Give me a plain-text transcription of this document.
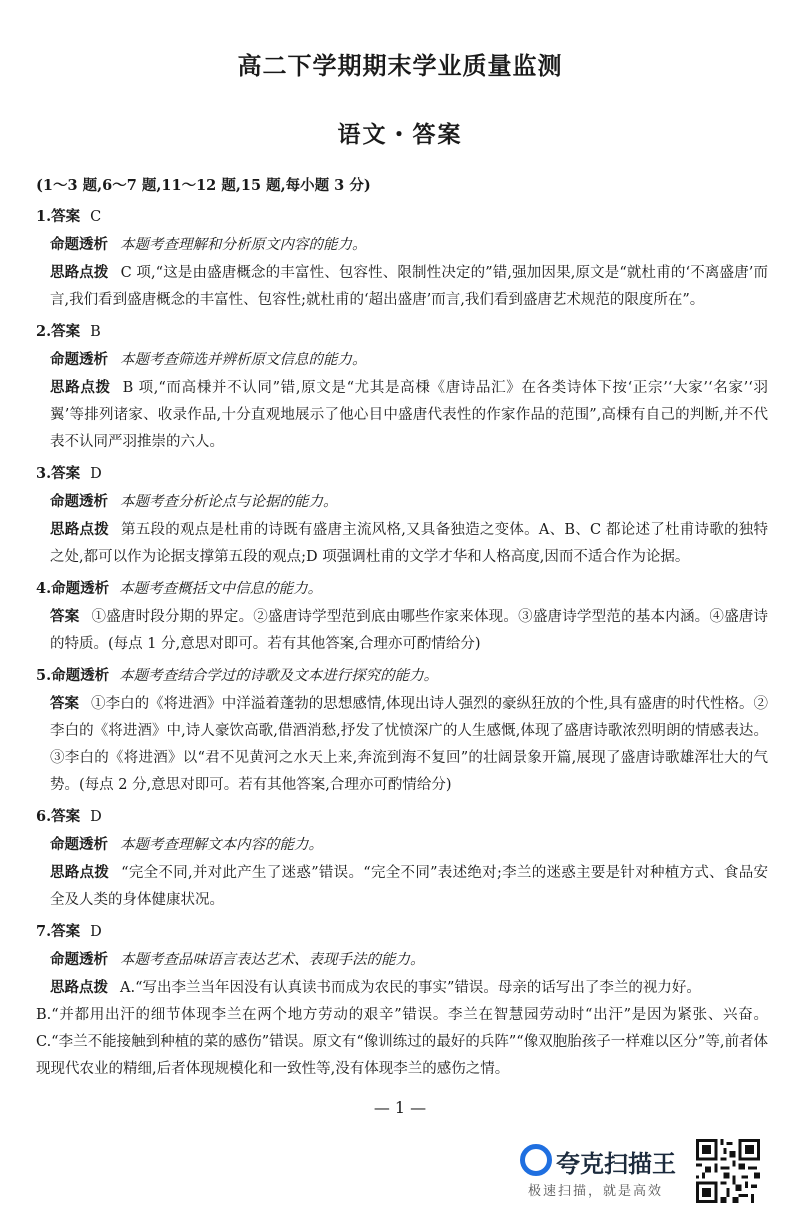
高二下学期期末学业质量监测
语文・答案
(1～3 题,6～7 题,11～12 题,15 题,每小题 3 分)
1.答案 C
命题透析 本题考查理解和分析原文内容的能力。
思路点拨 C 项,“这是由盛唐概念的丰富性、包容性、限制性决定的”错,强加因果,原文是“就杜甫的‘不离盛唐’而言,我们看到盛唐概念的丰富性、包容性;就杜甫的‘超出盛唐’而言,我们看到盛唐艺术规范的限度所在”。
2.答案 B
命题透析 本题考查筛选并辨析原文信息的能力。
思路点拨 B 项,“而高棅并不认同”错,原文是“尤其是高棅《唐诗品汇》在各类诗体下按‘正宗’‘大家’‘名家’‘羽翼’等排列诸家、收录作品,十分直观地展示了他心目中盛唐代表性的作家作品的范围”,高棅有自己的判断,并不代表不认同严羽推崇的六人。
3.答案 D
命题透析 本题考查分析论点与论据的能力。
思路点拨 第五段的观点是杜甫的诗既有盛唐主流风格,又具备独造之变体。A、B、C 都论述了杜甫诗歌的独特之处,都可以作为论据支撑第五段的观点;D 项强调杜甫的文学才华和人格高度,因而不适合作为论据。
4.命题透析 本题考查概括文中信息的能力。
答案 ①盛唐时段分期的界定。②盛唐诗学型范到底由哪些作家来体现。③盛唐诗学型范的基本内涵。④盛唐诗的特质。(每点 1 分,意思对即可。若有其他答案,合理亦可酌情给分)
5.命题透析 本题考查结合学过的诗歌及文本进行探究的能力。
答案 ①李白的《将进酒》中洋溢着蓬勃的思想感情,体现出诗人强烈的豪纵狂放的个性,具有盛唐的时代性格。②李白的《将进酒》中,诗人豪饮高歌,借酒消愁,抒发了忧愤深广的人生感慨,体现了盛唐诗歌浓烈明朗的情感表达。③李白的《将进酒》以“君不见黄河之水天上来,奔流到海不复回”的壮阔景象开篇,展现了盛唐诗歌雄浑壮大的气势。(每点 2 分,意思对即可。若有其他答案,合理亦可酌情给分)
6.答案 D
命题透析 本题考查理解文本内容的能力。
思路点拨 “完全不同,并对此产生了迷惑”错误。“完全不同”表述绝对;李兰的迷惑主要是针对种植方式、食品安全及人类的身体健康状况。
7.答案 D
命题透析 本题考查品味语言表达艺术、表现手法的能力。
思路点拨 A.“写出李兰当年因没有认真读书而成为农民的事实”错误。母亲的话写出了李兰的视力好。
B.“并都用出汗的细节体现李兰在两个地方劳动的艰辛”错误。李兰在智慧园劳动时“出汗”是因为紧张、兴奋。C.“李兰不能接触到种植的菜的感伤”错误。原文有“像训练过的最好的兵阵”“像双胞胎孩子一样难以区分”等,前者体现现代农业的精细,后者体现规模化和一致性等,没有体现李兰的感伤之情。
— 1 —
夸克扫描王
极速扫描，就是高效
